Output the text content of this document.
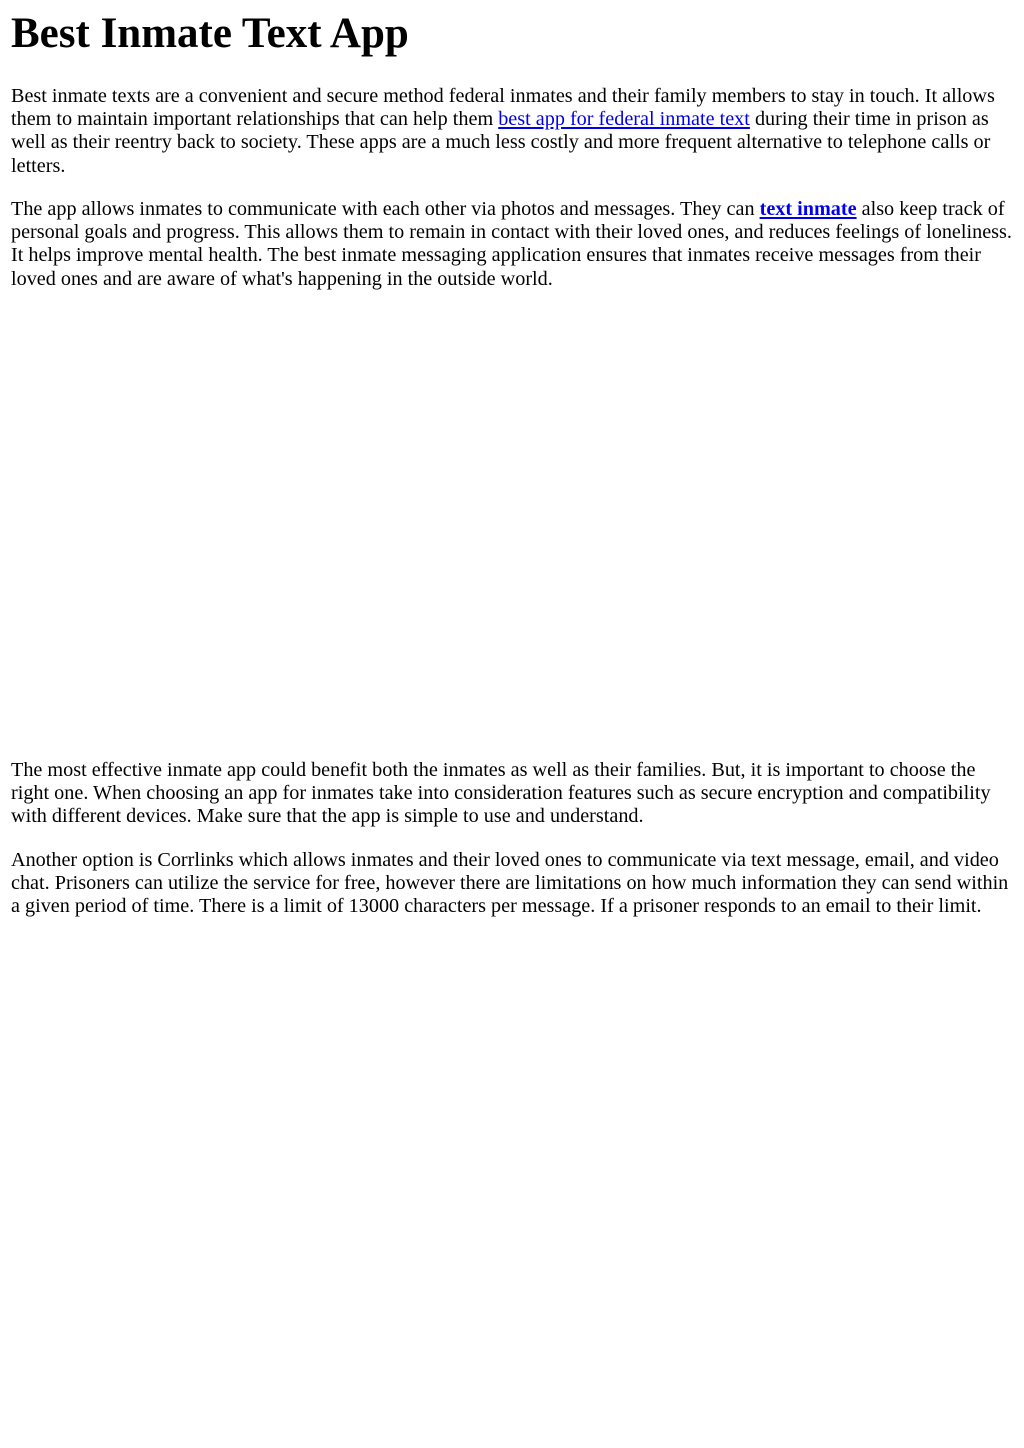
Best Inmate Text App

Best inmate texts are a convenient and secure method federal inmates and their family members to stay in touch. It allows them to maintain important relationships that can help them best app for federal inmate text during their time in prison as well as their reentry back to society. These apps are a much less costly and more frequent alternative to telephone calls or letters.

The app allows inmates to communicate with each other via photos and messages. They can text inmate also keep track of personal goals and progress. This allows them to remain in contact with their loved ones, and reduces feelings of loneliness. It helps improve mental health. The best inmate messaging application ensures that inmates receive messages from their loved ones and are aware of what's happening in the outside world.

The most effective inmate app could benefit both the inmates as well as their families. But, it is important to choose the right one. When choosing an app for inmates take into consideration features such as secure encryption and compatibility with different devices. Make sure that the app is simple to use and understand.

Another option is Corrlinks which allows inmates and their loved ones to communicate via text message, email, and video chat. Prisoners can utilize the service for free, however there are limitations on how much information they can send within a given period of time. There is a limit of 13000 characters per message. If a prisoner responds to an email to their limit.
